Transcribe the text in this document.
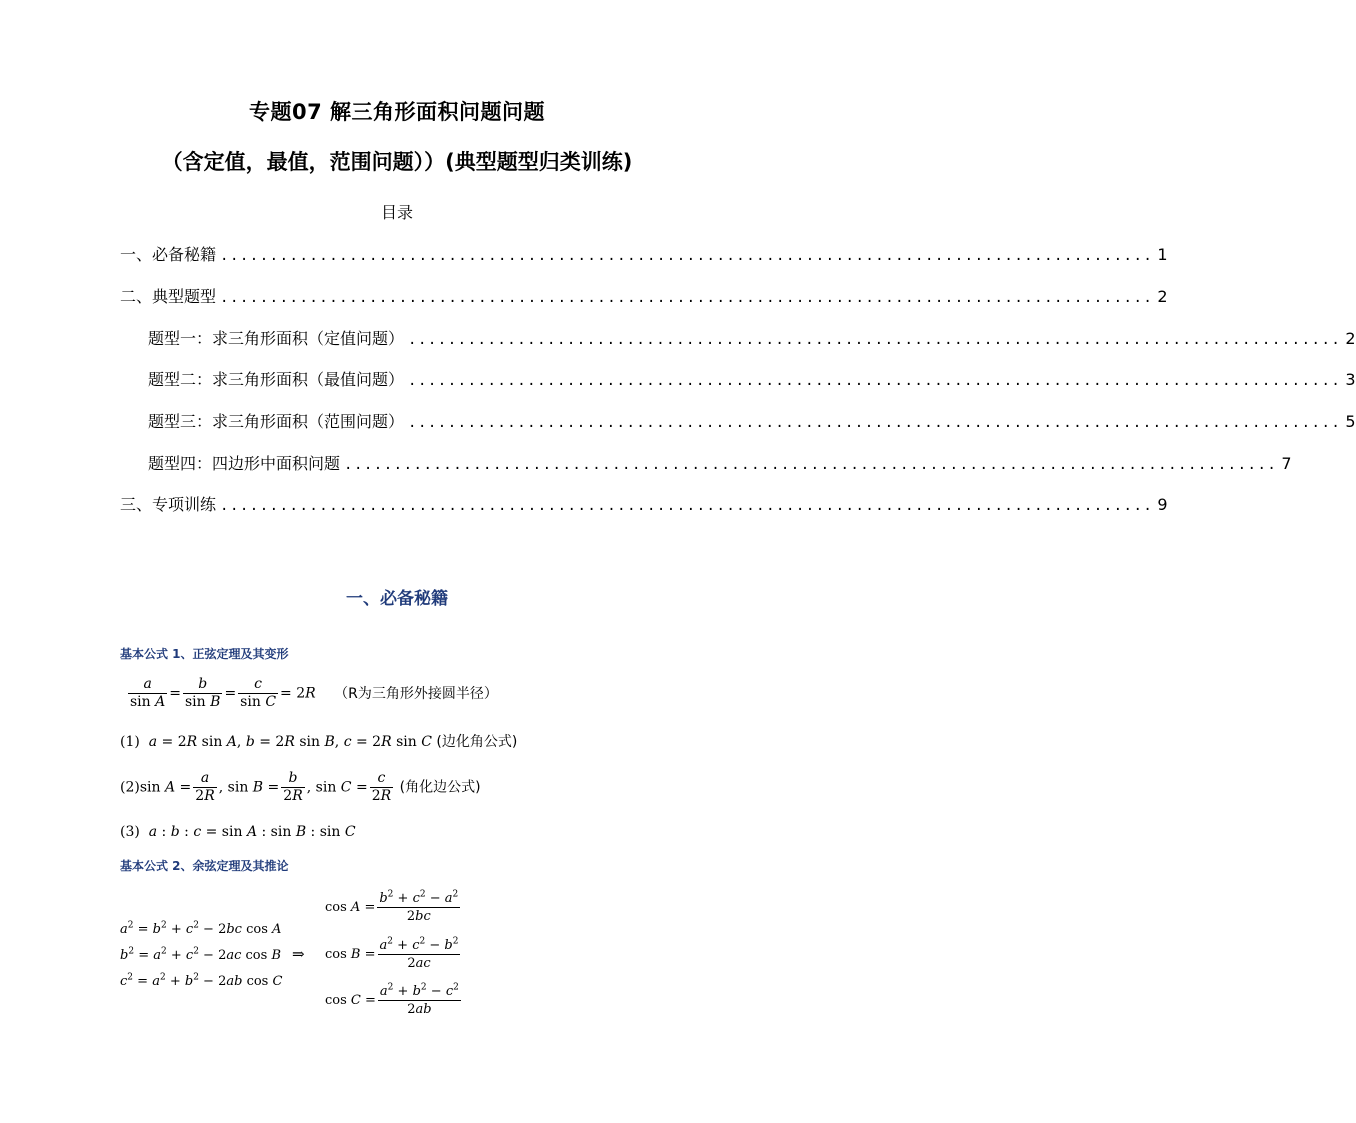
专题07 解三角形面积问题问题
（含定值，最值，范围问题））(典型题型归类训练)
目录
一、必备秘籍 .............................................................................................. 1
二、典型题型 .............................................................................................. 2
题型一：求三角形面积（定值问题） .............................................................................................. 2
题型二：求三角形面积（最值问题） .............................................................................................. 3
题型三：求三角形面积（范围问题） .............................................................................................. 5
题型四：四边形中面积问题 .............................................................................................. 7
三、专项训练 .............................................................................................. 9
一、必备秘籍
基本公式 1、正弦定理及其变形
$\frac{a}{\text{sin A}} = \frac{b}{\text{sin B}} = \frac{c}{\text{sin C}} = 2R$ （R为三角形外接圆半径）
(1) a = 2R sin A, b = 2R sin B, c = 2R sin C (边化角公式)
(2)sin $A = \frac{a}{2R}$ , $\sin B = \frac{b}{2R}$ , $\sin C = \frac{c}{2R}$ (角化边公式)
(3) a : b : c = sin A : sin B : sin C
基本公式 2、余弦定理及其推论
$a^2 = b^2 + c^2 - 2bc$ cos A
$b^2 = a^2 + c^2 - 2ac$ cos B
$c^2 = a^2 + b^2 - 2ab$ cos C
⇒
$\cos A = \frac{b^2 + c^2 - a^2}{2bc}$
$\cos B = \frac{a^2 + c^2 - b^2}{2ac}$
$\cos C = \frac{a^2 + b^2 - c^2}{2ab}$
